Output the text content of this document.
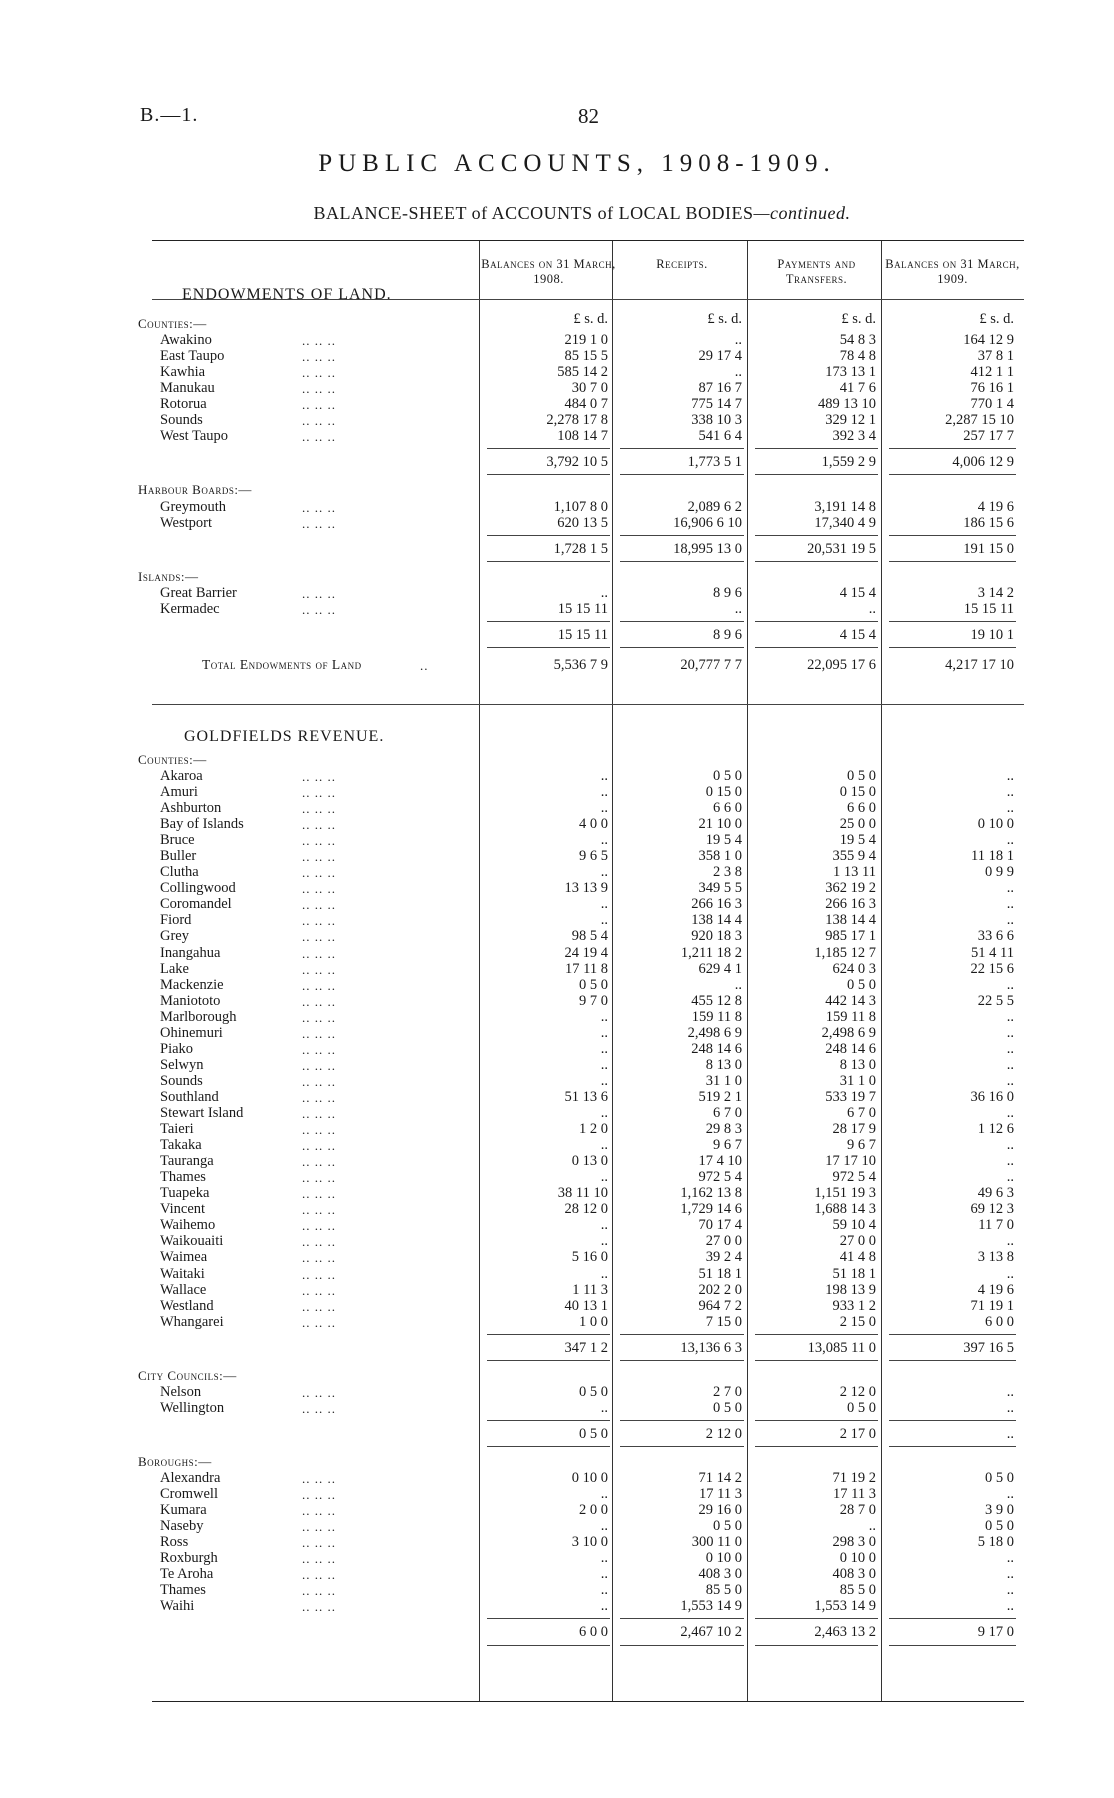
B.—1.	82
PUBLIC ACCOUNTS, 1908-1909.
BALANCE-SHEET of ACCOUNTS of LOCAL BODIES—continued.
Balances on 31 March, 1908.
Receipts.	Payments and Transfers.
Balances on 31 March, 1909.
£ s. d.	£ s. d.	£ s. d.	£ s. d.
ENDOWMENTS OF LAND.
Counties:—
Awakino	.. .. ..	219 1 0	..	54 8 3	164 12 9
East Taupo	.. .. ..	85 15 5	29 17 4	78 4 8	37 8 1
Kawhia	.. .. ..	585 14 2	..	173 13 1	412 1 1
Manukau	.. .. ..	30 7 0	87 16 7	41 7 6	76 16 1
Rotorua	.. .. ..	484 0 7	775 14 7	489 13 10	770 1 4
Sounds	.. .. ..	2,278 17 8	338 10 3	329 12 1	2,287 15 10
West Taupo	.. .. ..	108 14 7	541 6 4	392 3 4	257 17 7
3,792 10 5	1,773 5 1	1,559 2 9	4,006 12 9
Harbour Boards:—
Greymouth	.. .. ..	1,107 8 0	2,089 6 2	3,191 14 8	4 19 6
Westport	.. .. ..	620 13 5	16,906 6 10	17,340 4 9	186 15 6
1,728 1 5	18,995 13 0	20,531 19 5	191 15 0
Islands:—
Great Barrier	.. .. ..	..	8 9 6	4 15 4	3 14 2
Kermadec	.. .. ..	15 15 11	..	..	15 15 11
15 15 11	8 9 6	4 15 4	19 10 1
Total Endowments of Land	..	5,536 7 9	20,777 7 7	22,095 17 6	4,217 17 10
GOLDFIELDS REVENUE.
Counties:—
Akaroa	.. .. ..	..	0 5 0	0 5 0	..
Amuri	.. .. ..	..	0 15 0	0 15 0	..
Ashburton	.. .. ..	..	6 6 0	6 6 0	..
Bay of Islands	.. .. ..	4 0 0	21 10 0	25 0 0	0 10 0
Bruce	.. .. ..	..	19 5 4	19 5 4	..
Buller	.. .. ..	9 6 5	358 1 0	355 9 4	11 18 1
Clutha	.. .. ..	..	2 3 8	1 13 11	0 9 9
Collingwood	.. .. ..	13 13 9	349 5 5	362 19 2	..
Coromandel	.. .. ..	..	266 16 3	266 16 3	..
Fiord	.. .. ..	..	138 14 4	138 14 4	..
Grey	.. .. ..	98 5 4	920 18 3	985 17 1	33 6 6
Inangahua	.. .. ..	24 19 4	1,211 18 2	1,185 12 7	51 4 11
Lake	.. .. ..	17 11 8	629 4 1	624 0 3	22 15 6
Mackenzie	.. .. ..	0 5 0	..	0 5 0	..
Maniototo	.. .. ..	9 7 0	455 12 8	442 14 3	22 5 5
Marlborough	.. .. ..	..	159 11 8	159 11 8	..
Ohinemuri	.. .. ..	..	2,498 6 9	2,498 6 9	..
Piako	.. .. ..	..	248 14 6	248 14 6	..
Selwyn	.. .. ..	..	8 13 0	8 13 0	..
Sounds	.. .. ..	..	31 1 0	31 1 0	..
Southland	.. .. ..	51 13 6	519 2 1	533 19 7	36 16 0
Stewart Island	.. .. ..	..	6 7 0	6 7 0	..
Taieri	.. .. ..	1 2 0	29 8 3	28 17 9	1 12 6
Takaka	.. .. ..	..	9 6 7	9 6 7	..
Tauranga	.. .. ..	0 13 0	17 4 10	17 17 10	..
Thames	.. .. ..	..	972 5 4	972 5 4	..
Tuapeka	.. .. ..	38 11 10	1,162 13 8	1,151 19 3	49 6 3
Vincent	.. .. ..	28 12 0	1,729 14 6	1,688 14 3	69 12 3
Waihemo	.. .. ..	..	70 17 4	59 10 4	11 7 0
Waikouaiti	.. .. ..	..	27 0 0	27 0 0	..
Waimea	.. .. ..	5 16 0	39 2 4	41 4 8	3 13 8
Waitaki	.. .. ..	..	51 18 1	51 18 1	..
Wallace	.. .. ..	1 11 3	202 2 0	198 13 9	4 19 6
Westland	.. .. ..	40 13 1	964 7 2	933 1 2	71 19 1
Whangarei	.. .. ..	1 0 0	7 15 0	2 15 0	6 0 0
347 1 2	13,136 6 3	13,085 11 0	397 16 5
City Councils:—
Nelson	.. .. ..	0 5 0	2 7 0	2 12 0	..
Wellington	.. .. ..	..	0 5 0	0 5 0	..
0 5 0	2 12 0	2 17 0	..
Boroughs:—
Alexandra	.. .. ..	0 10 0	71 14 2	71 19 2	0 5 0
Cromwell	.. .. ..	..	17 11 3	17 11 3	..
Kumara	.. .. ..	2 0 0	29 16 0	28 7 0	3 9 0
Naseby	.. .. ..	..	0 5 0	..	0 5 0
Ross	.. .. ..	3 10 0	300 11 0	298 3 0	5 18 0
Roxburgh	.. .. ..	..	0 10 0	0 10 0	..
Te Aroha	.. .. ..	..	408 3 0	408 3 0	..
Thames	.. .. ..	..	85 5 0	85 5 0	..
Waihi	.. .. ..	..	1,553 14 9	1,553 14 9	..
6 0 0	2,467 10 2	2,463 13 2	9 17 0
